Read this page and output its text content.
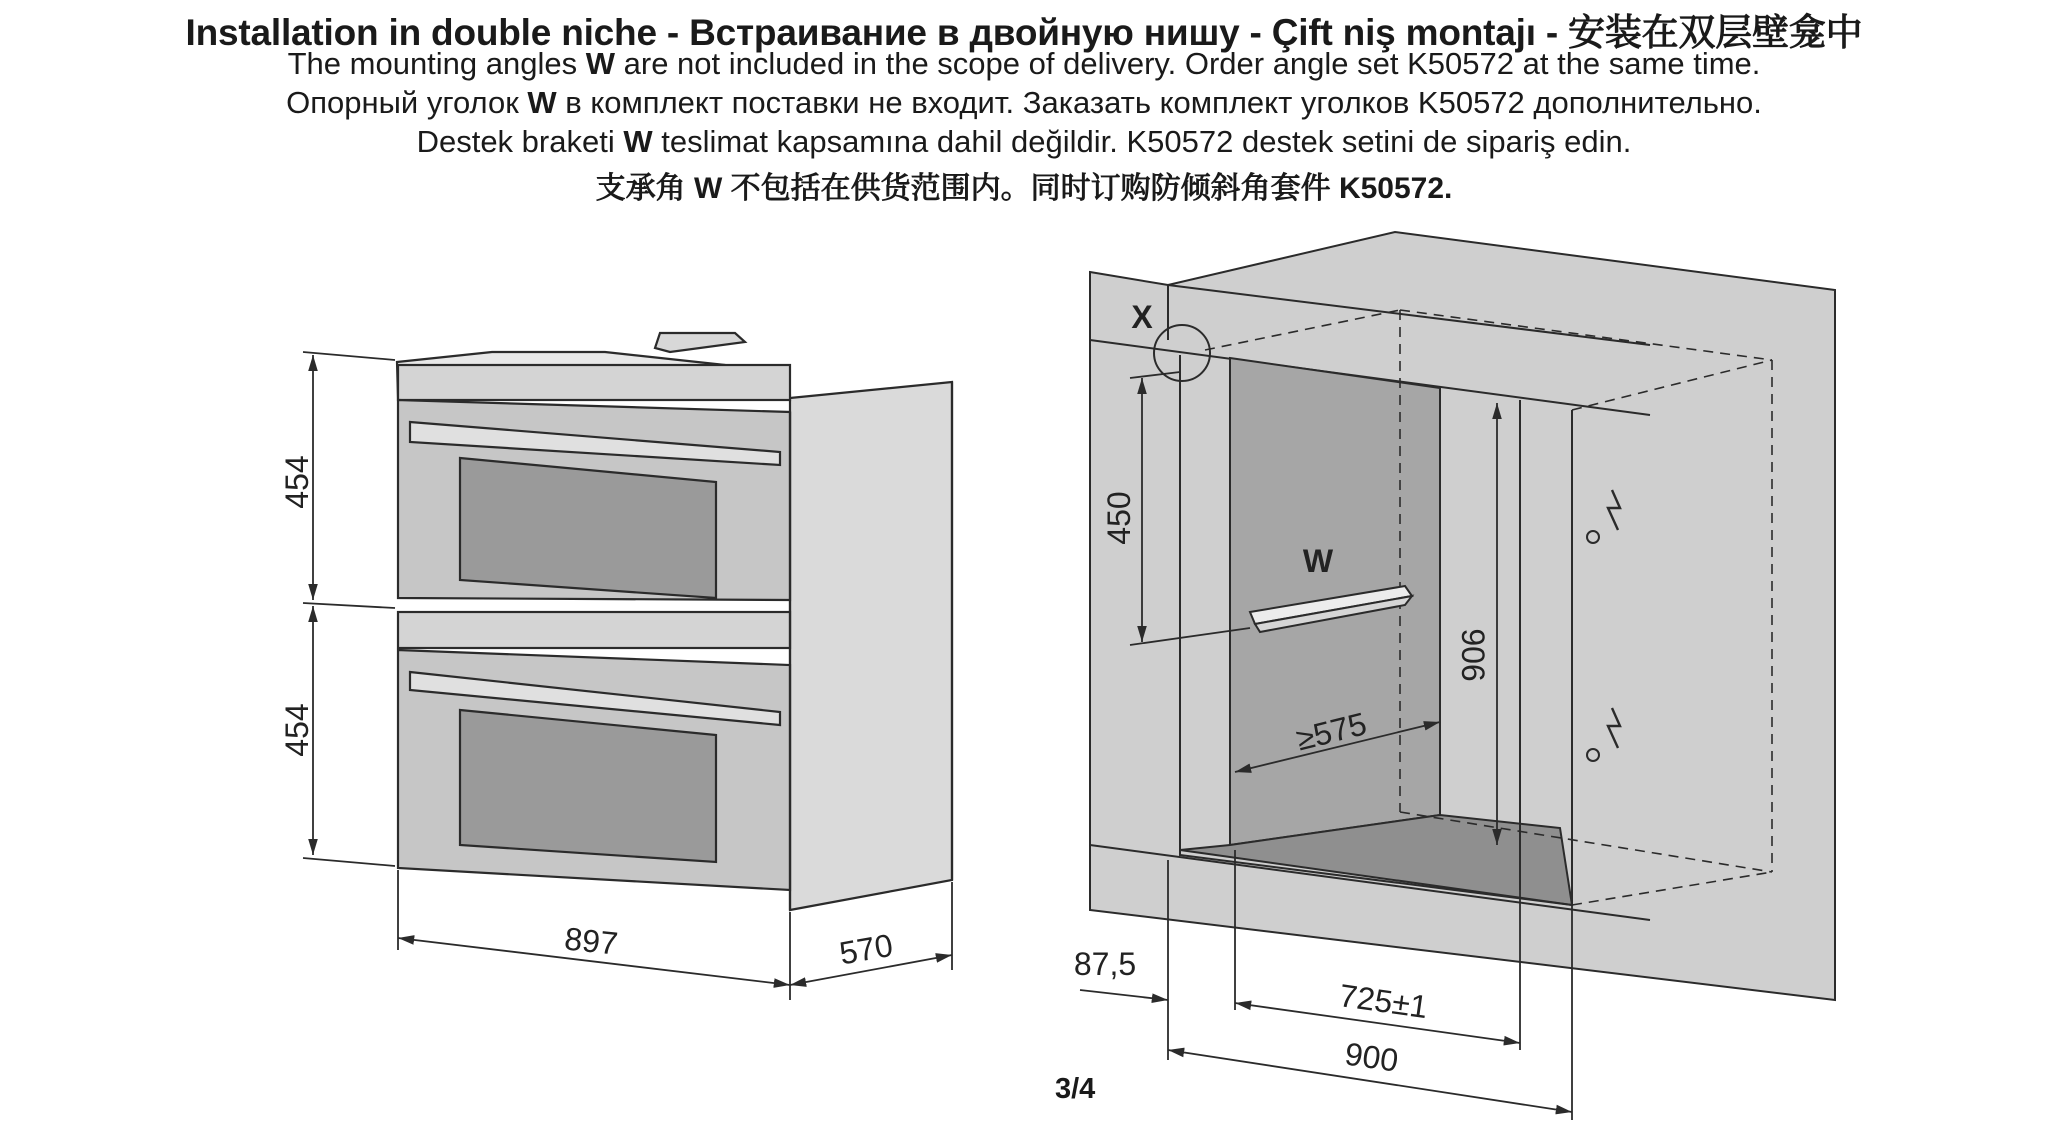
Installation in double niche - Встраивание в двойную нишу - Çift niş montajı - 安装在双层壁龛中
The mounting angles W are not included in the scope of delivery. Order angle set K50572 at the same time.
Опорный уголок W в комплект поставки не входит. Заказать комплект уголков K50572 дополнительно.
Destek braketi W teslimat kapsamına dahil değildir. K50572 destek setini de sipariş edin.
支承角 W 不包括在供货范围内。同时订购防倾斜角套件 K50572.
454
454
897	570
X
W
450
906
≥575
87,5
725±1
900
3/4
